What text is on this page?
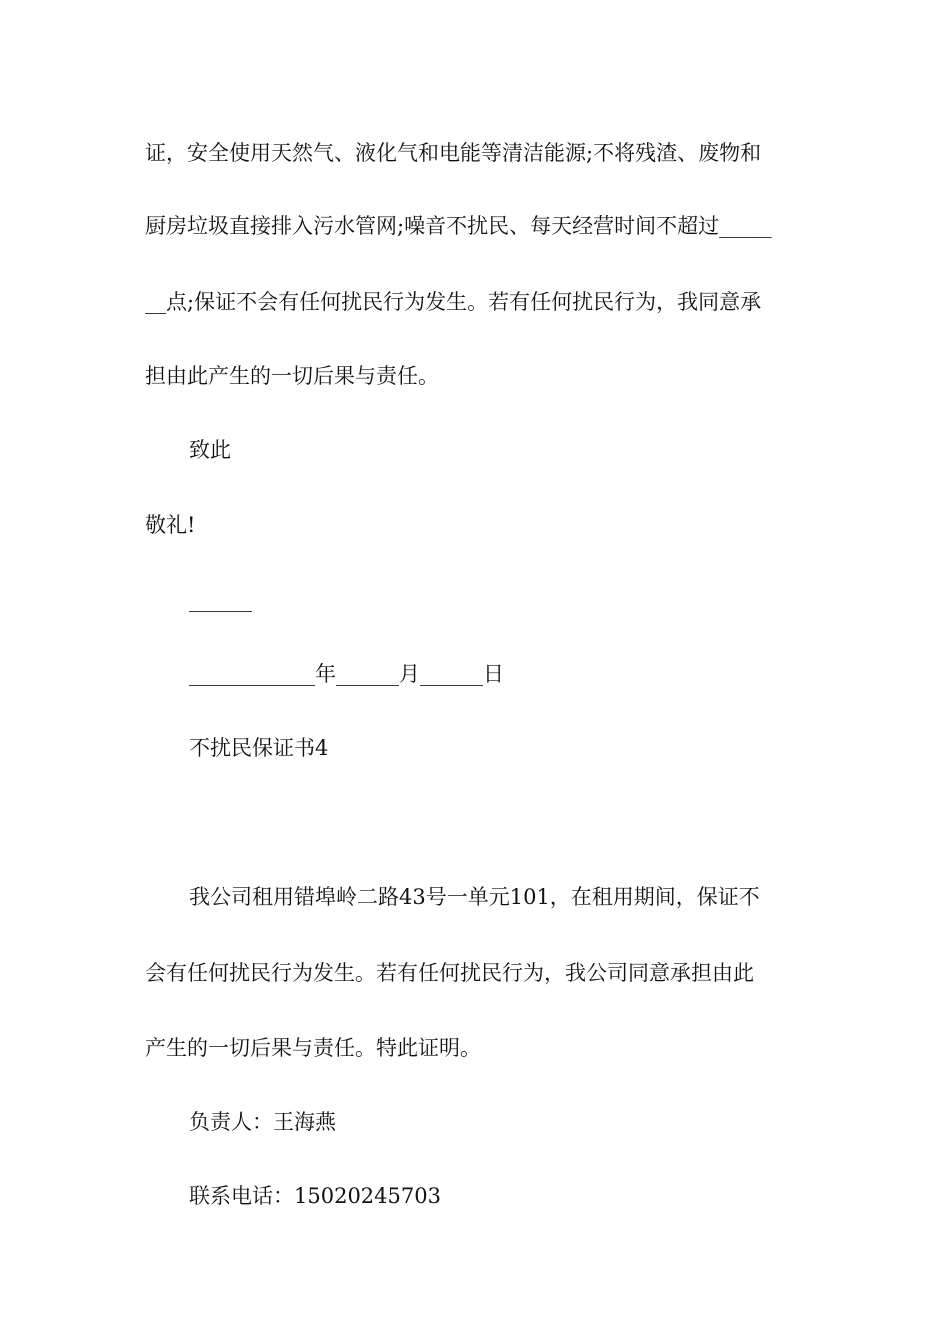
证，安全使用天然气、液化气和电能等清洁能源;不将残渣、废物和

厨房垃圾直接排入污水管网;噪音不扰民、每天经营时间不超过_____

__点;保证不会有任何扰民行为发生。若有任何扰民行为，我同意承

担由此产生的一切后果与责任。

致此

敬礼!

______

____________年______月______日

不扰民保证书4

我公司租用错埠岭二路43号一单元101，在租用期间，保证不

会有任何扰民行为发生。若有任何扰民行为，我公司同意承担由此

产生的一切后果与责任。特此证明。

负责人：王海燕

联系电话：15020245703
